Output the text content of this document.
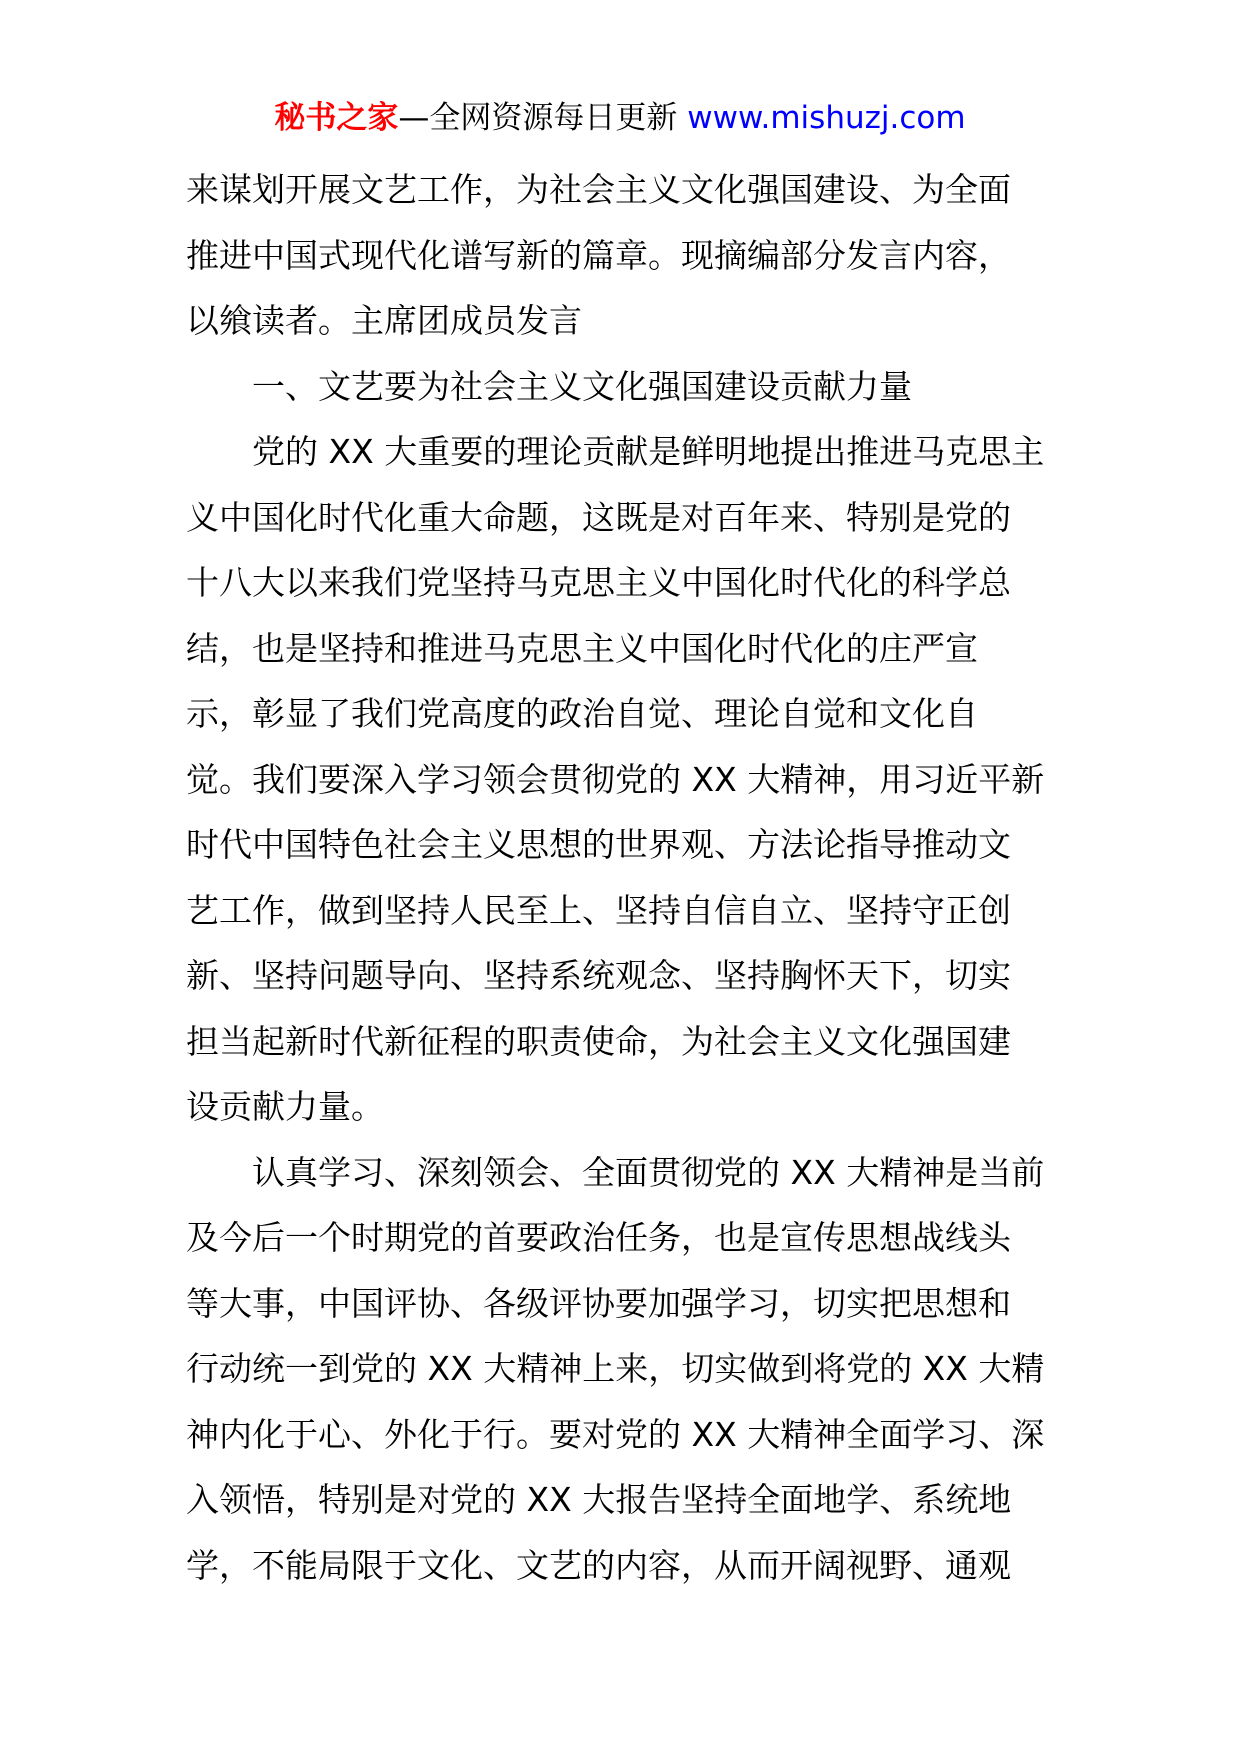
秘书之家—全网资源每日更新 www.mishuzj.com
来谋划开展文艺工作，为社会主义文化强国建设、为全面
推进中国式现代化谱写新的篇章。现摘编部分发言内容，
以飨读者。主席团成员发言
一、文艺要为社会主义文化强国建设贡献力量
党的 XX 大重要的理论贡献是鲜明地提出推进马克思主
义中国化时代化重大命题，这既是对百年来、特别是党的
十八大以来我们党坚持马克思主义中国化时代化的科学总
结，也是坚持和推进马克思主义中国化时代化的庄严宣
示，彰显了我们党高度的政治自觉、理论自觉和文化自
觉。我们要深入学习领会贯彻党的 XX 大精神，用习近平新
时代中国特色社会主义思想的世界观、方法论指导推动文
艺工作，做到坚持人民至上、坚持自信自立、坚持守正创
新、坚持问题导向、坚持系统观念、坚持胸怀天下，切实
担当起新时代新征程的职责使命，为社会主义文化强国建
设贡献力量。
认真学习、深刻领会、全面贯彻党的 XX 大精神是当前
及今后一个时期党的首要政治任务，也是宣传思想战线头
等大事，中国评协、各级评协要加强学习，切实把思想和
行动统一到党的 XX 大精神上来，切实做到将党的 XX 大精
神内化于心、外化于行。要对党的 XX 大精神全面学习、深
入领悟，特别是对党的 XX 大报告坚持全面地学、系统地
学，不能局限于文化、文艺的内容，从而开阔视野、通观
